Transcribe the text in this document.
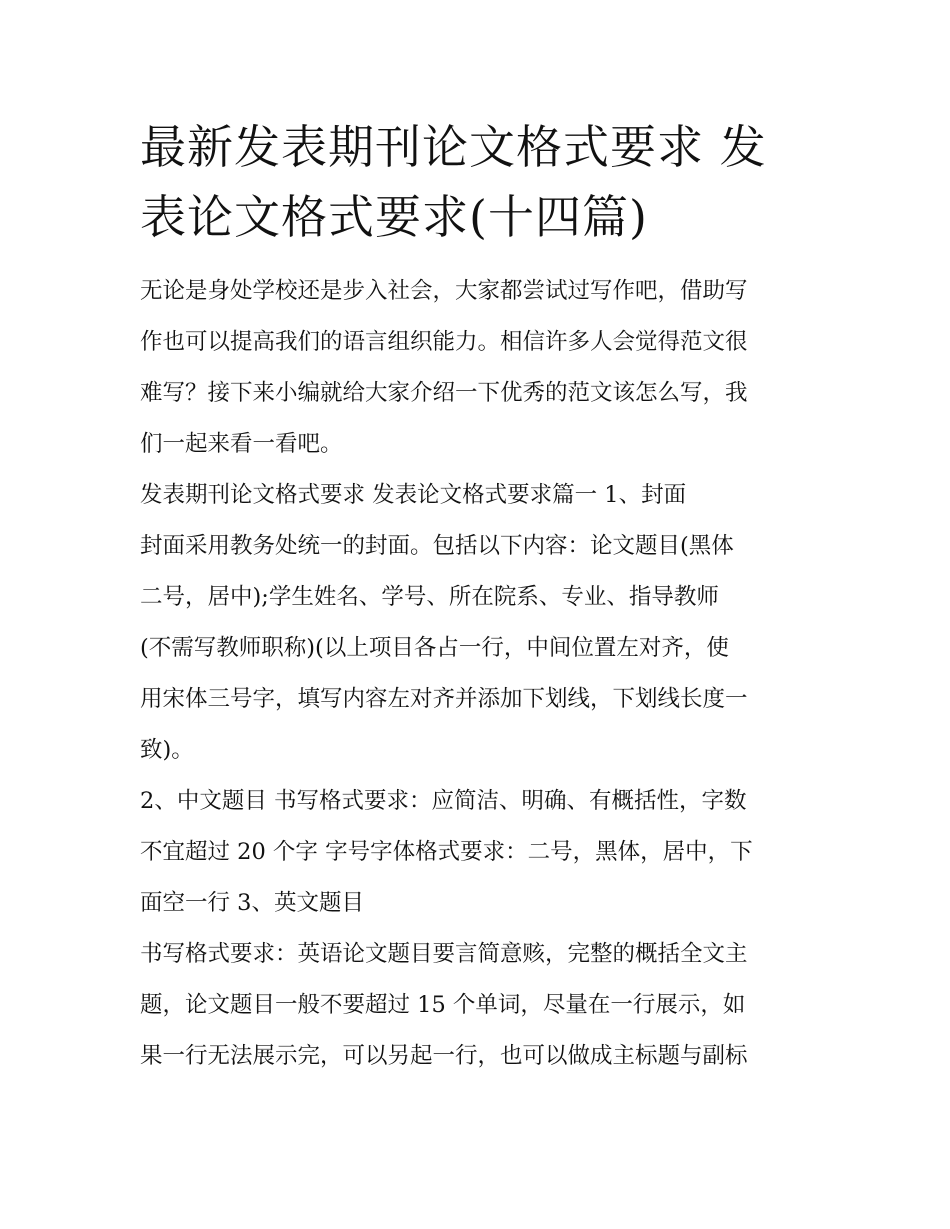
最新发表期刊论文格式要求 发
表论文格式要求(十四篇)
无论是身处学校还是步入社会，大家都尝试过写作吧，借助写
作也可以提高我们的语言组织能力。相信许多人会觉得范文很
难写？接下来小编就给大家介绍一下优秀的范文该怎么写，我
们一起来看一看吧。
发表期刊论文格式要求 发表论文格式要求篇一 1、封面
封面采用教务处统一的封面。包括以下内容：论文题目(黑体
二号，居中);学生姓名、学号、所在院系、专业、指导教师
(不需写教师职称)(以上项目各占一行，中间位置左对齐，使
用宋体三号字，填写内容左对齐并添加下划线，下划线长度一
致)。
2、中文题目 书写格式要求：应简洁、明确、有概括性，字数
不宜超过 20 个字 字号字体格式要求：二号，黑体，居中，下
面空一行 3、英文题目
书写格式要求：英语论文题目要言简意赅，完整的概括全文主
题，论文题目一般不要超过 15 个单词，尽量在一行展示，如
果一行无法展示完，可以另起一行，也可以做成主标题与副标
